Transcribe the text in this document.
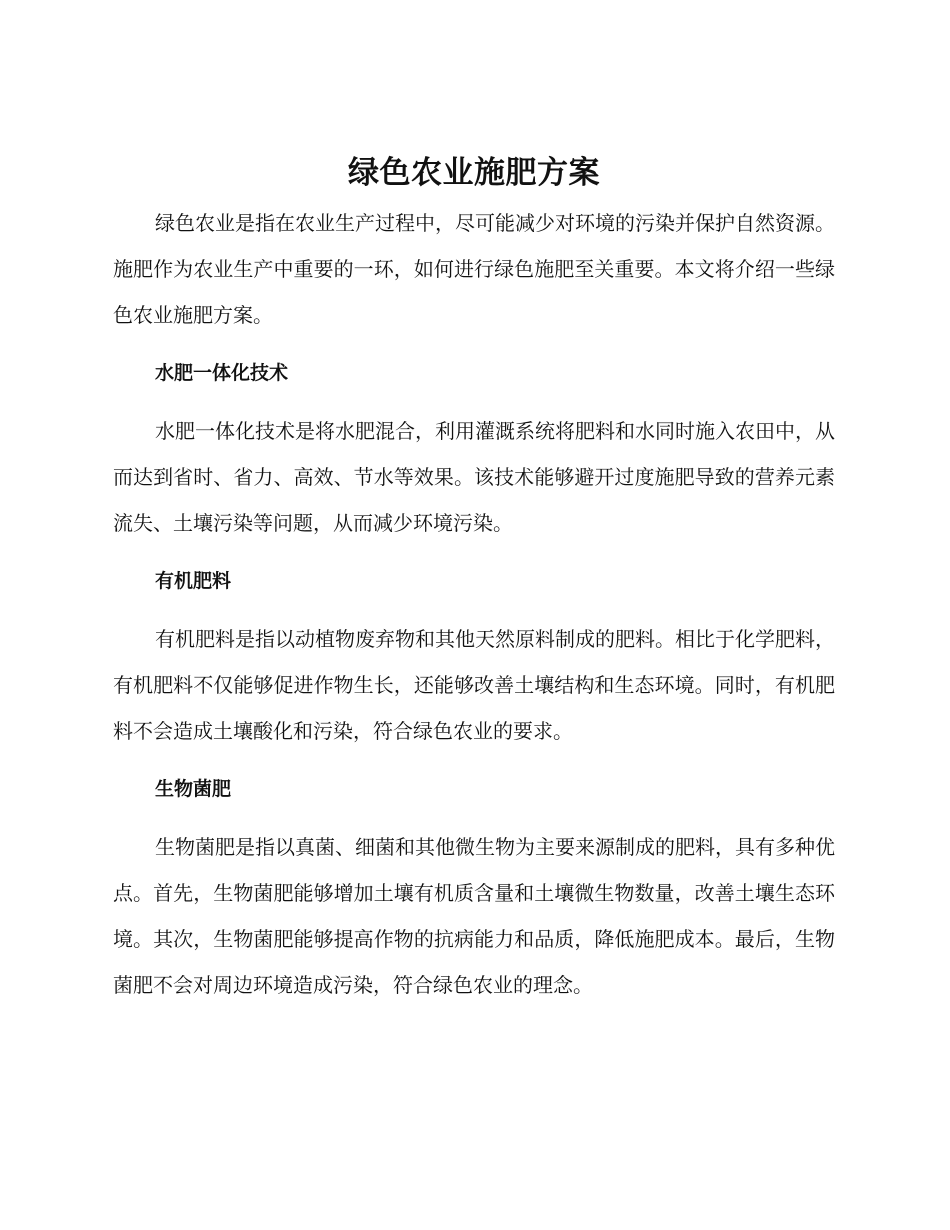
绿色农业施肥方案

绿色农业是指在农业生产过程中，尽可能减少对环境的污染并保护自然资源。施肥作为农业生产中重要的一环，如何进行绿色施肥至关重要。本文将介绍一些绿色农业施肥方案。

水肥一体化技术

水肥一体化技术是将水肥混合，利用灌溉系统将肥料和水同时施入农田中，从而达到省时、省力、高效、节水等效果。该技术能够避开过度施肥导致的营养元素流失、土壤污染等问题，从而减少环境污染。

有机肥料

有机肥料是指以动植物废弃物和其他天然原料制成的肥料。相比于化学肥料，有机肥料不仅能够促进作物生长，还能够改善土壤结构和生态环境。同时，有机肥料不会造成土壤酸化和污染，符合绿色农业的要求。

生物菌肥

生物菌肥是指以真菌、细菌和其他微生物为主要来源制成的肥料，具有多种优点。首先，生物菌肥能够增加土壤有机质含量和土壤微生物数量，改善土壤生态环境。其次，生物菌肥能够提高作物的抗病能力和品质，降低施肥成本。最后，生物菌肥不会对周边环境造成污染，符合绿色农业的理念。
